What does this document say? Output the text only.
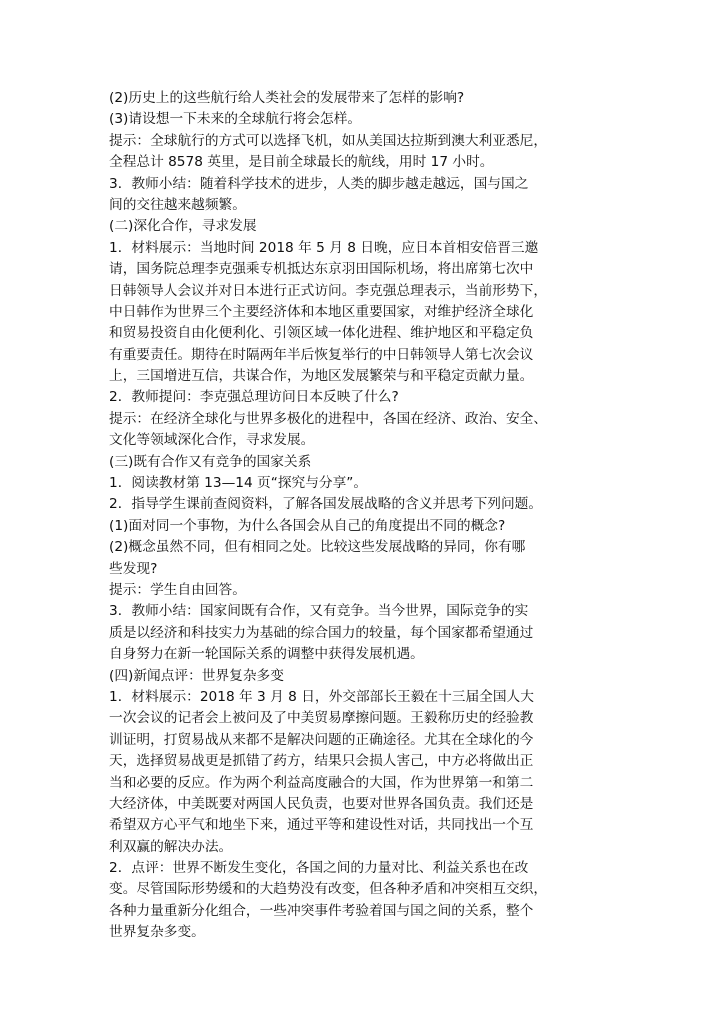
(2)历史上的这些航行给人类社会的发展带来了怎样的影响?
(3)请设想一下未来的全球航行将会怎样。
提示：全球航行的方式可以选择飞机，如从美国达拉斯到澳大利亚悉尼，
全程总计 8578 英里，是目前全球最长的航线，用时 17 小时。
3．教师小结：随着科学技术的进步，人类的脚步越走越远，国与国之
间的交往越来越频繁。
(二)深化合作，寻求发展
1．材料展示：当地时间 2018 年 5 月 8 日晚，应日本首相安倍晋三邀
请，国务院总理李克强乘专机抵达东京羽田国际机场，将出席第七次中
日韩领导人会议并对日本进行正式访问。李克强总理表示，当前形势下，
中日韩作为世界三个主要经济体和本地区重要国家，对维护经济全球化
和贸易投资自由化便利化、引领区域一体化进程、维护地区和平稳定负
有重要责任。期待在时隔两年半后恢复举行的中日韩领导人第七次会议
上，三国增进互信，共谋合作，为地区发展繁荣与和平稳定贡献力量。
2．教师提问：李克强总理访问日本反映了什么?
提示：在经济全球化与世界多极化的进程中，各国在经济、政治、安全、
文化等领域深化合作，寻求发展。
(三)既有合作又有竞争的国家关系
1．阅读教材第 13—14 页“探究与分享”。
2．指导学生课前查阅资料，了解各国发展战略的含义并思考下列问题。
(1)面对同一个事物，为什么各国会从自己的角度提出不同的概念?
(2)概念虽然不同，但有相同之处。比较这些发展战略的异同，你有哪
些发现?
提示：学生自由回答。
3．教师小结：国家间既有合作，又有竞争。当今世界，国际竞争的实
质是以经济和科技实力为基础的综合国力的较量，每个国家都希望通过
自身努力在新一轮国际关系的调整中获得发展机遇。
(四)新闻点评：世界复杂多变
1．材料展示：2018 年 3 月 8 日，外交部部长王毅在十三届全国人大
一次会议的记者会上被问及了中美贸易摩擦问题。王毅称历史的经验教
训证明，打贸易战从来都不是解决问题的正确途径。尤其在全球化的今
天，选择贸易战更是抓错了药方，结果只会损人害己，中方必将做出正
当和必要的反应。作为两个利益高度融合的大国，作为世界第一和第二
大经济体，中美既要对两国人民负责，也要对世界各国负责。我们还是
希望双方心平气和地坐下来，通过平等和建设性对话，共同找出一个互
利双赢的解决办法。
2．点评：世界不断发生变化，各国之间的力量对比、利益关系也在改
变。尽管国际形势缓和的大趋势没有改变，但各种矛盾和冲突相互交织，
各种力量重新分化组合，一些冲突事件考验着国与国之间的关系，整个
世界复杂多变。
